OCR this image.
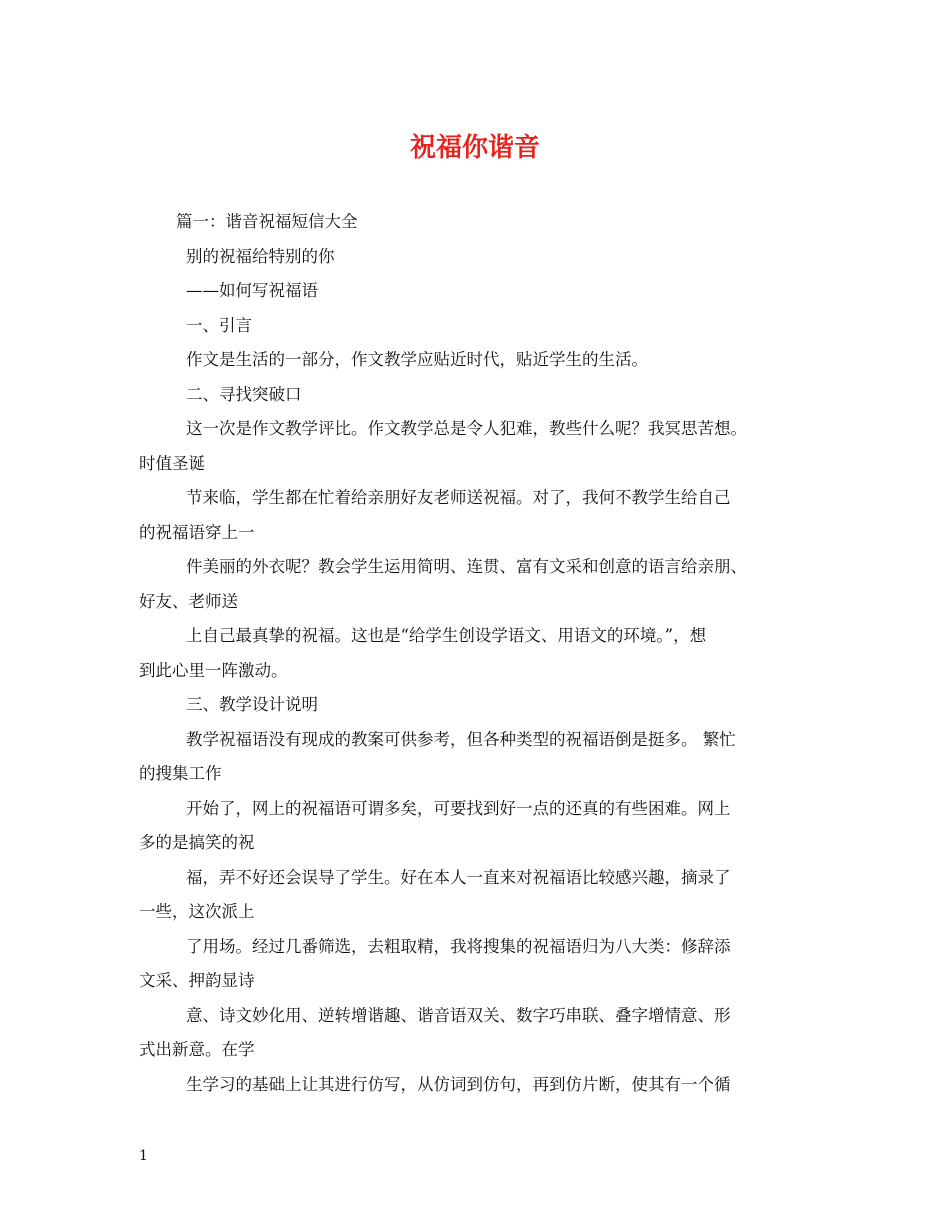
祝福你谐音

篇一：谐音祝福短信大全

别的祝福给特别的你

——如何写祝福语

一、引言

作文是生活的一部分，作文教学应贴近时代，贴近学生的生活。

二、寻找突破口

这一次是作文教学评比。作文教学总是令人犯难，教些什么呢？我冥思苦想。

时值圣诞

节来临，学生都在忙着给亲朋好友老师送祝福。对了，我何不教学生给自己

的祝福语穿上一

件美丽的外衣呢？教会学生运用简明、连贯、富有文采和创意的语言给亲朋、

好友、老师送

上自己最真挚的祝福。这也是“给学生创设学语文、用语文的环境。”，想

到此心里一阵激动。

三、教学设计说明

教学祝福语没有现成的教案可供参考，但各种类型的祝福语倒是挺多。 繁忙

的搜集工作

开始了，网上的祝福语可谓多矣，可要找到好一点的还真的有些困难。网上

多的是搞笑的祝

福，弄不好还会误导了学生。好在本人一直来对祝福语比较感兴趣，摘录了

一些，这次派上

了用场。经过几番筛选，去粗取精，我将搜集的祝福语归为八大类：修辞添

文采、押韵显诗

意、诗文妙化用、逆转增谐趣、谐音语双关、数字巧串联、叠字增情意、形

式出新意。在学

生学习的基础上让其进行仿写，从仿词到仿句，再到仿片断，使其有一个循

1
